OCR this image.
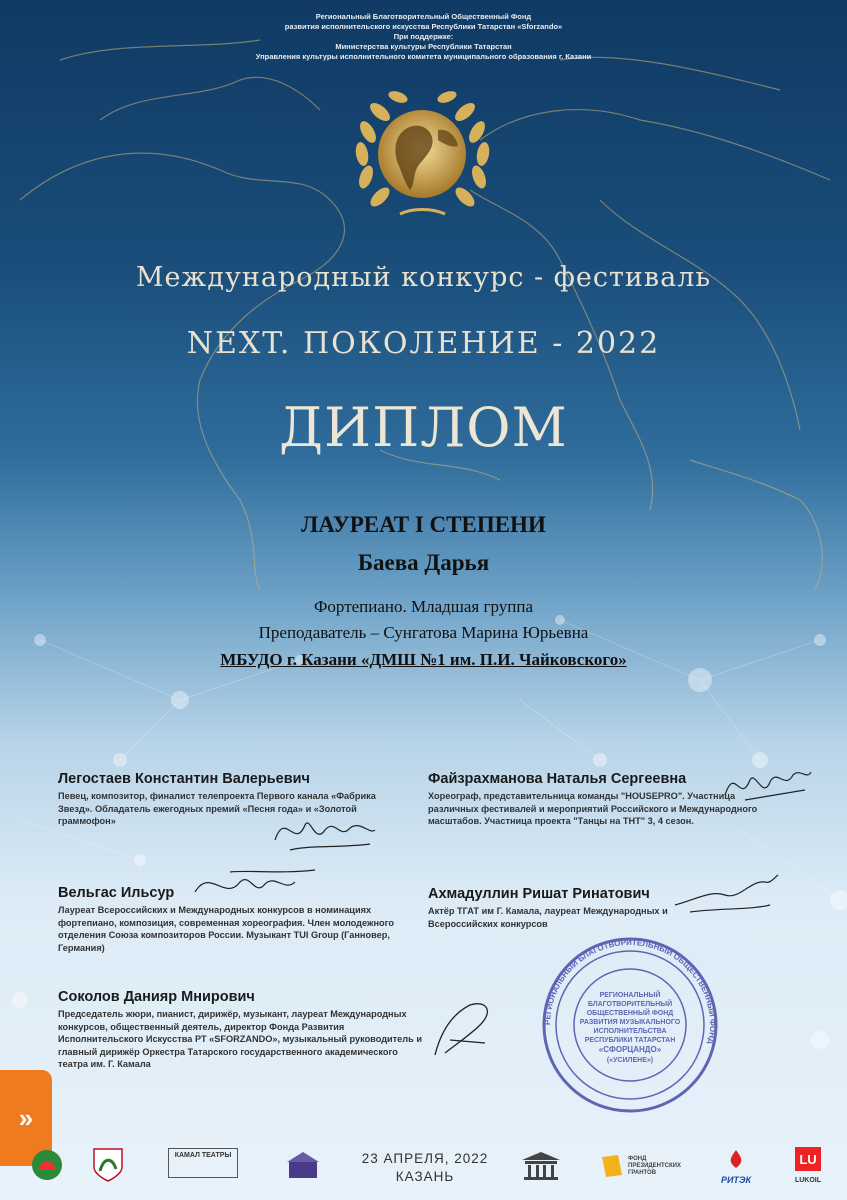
Региональный Благотворительный Общественный Фонд
развития исполнительского искусства Республики Татарстан «Sforzando»
При поддержке:
Министерства культуры Республики Татарстан
Управления культуры исполнительного комитета муниципального образования г. Казани
Международный конкурс - фестиваль
NEXT. ПОКОЛЕНИЕ - 2022
ДИПЛОМ
ЛАУРЕАТ I СТЕПЕНИ
Баева Дарья
Фортепиано. Младшая группа
Преподаватель – Сунгатова Марина Юрьевна
МБУДО г. Казани «ДМШ №1 им. П.И. Чайковского»
Легостаев Константин Валерьевич
Певец, композитор, финалист телепроекта Первого канала «Фабрика Звезд». Обладатель ежегодных премий «Песня года» и «Золотой граммофон»
Файзрахманова Наталья Сергеевна
Хореограф, представительница команды "HOUSEPRO". Участница различных фестивалей и мероприятий Российского и Международного масштабов. Участница проекта "Танцы на ТНТ" 3, 4 сезон.
Вельгас Ильсур
Лауреат Всероссийских и Международных конкурсов в номинациях фортепиано, композиция, современная хореография. Член молодежного отделения Союза композиторов России. Музыкант TUI Group (Ганновер, Германия)
Ахмадуллин Ришат Ринатович
Актёр ТГАТ им Г. Камала, лауреат Международных и Всероссийских конкурсов
Соколов Данияр Мнирович
Председатель жюри, пианист, дирижёр, музыкант, лауреат Международных конкурсов, общественный деятель, директор Фонда Развития Исполнительского Искусства РТ «SFORZANDO», музыкальный руководитель и главный дирижёр Оркестра Татарского государственного академического театра им. Г. Камала
РЕГИОНАЛЬНЫЙ БЛАГОТВОРИТЕЛЬНЫЙ ОБЩЕСТВЕННЫЙ ФОНД
РЕГИОНАЛЬНЫЙ
БЛАГОТВОРИТЕЛЬНЫЙ
ОБЩЕСТВЕННЫЙ ФОНД
РАЗВИТИЯ МУЗЫКАЛЬНОГО
ИСПОЛНИТЕЛЬСТВА
РЕСПУБЛИКИ ТАТАРСТАН
«СФОРЦАНДО»
(«УСИЛЕНЕ»)
»
КАМАЛ ТЕАТРЫ	23 АПРЕЛЯ, 2022
КАЗАНЬ
ФОНД
ПРЕЗИДЕНТСКИХ
ГРАНТОВ
РИТЭК
LU
LUKOIL
